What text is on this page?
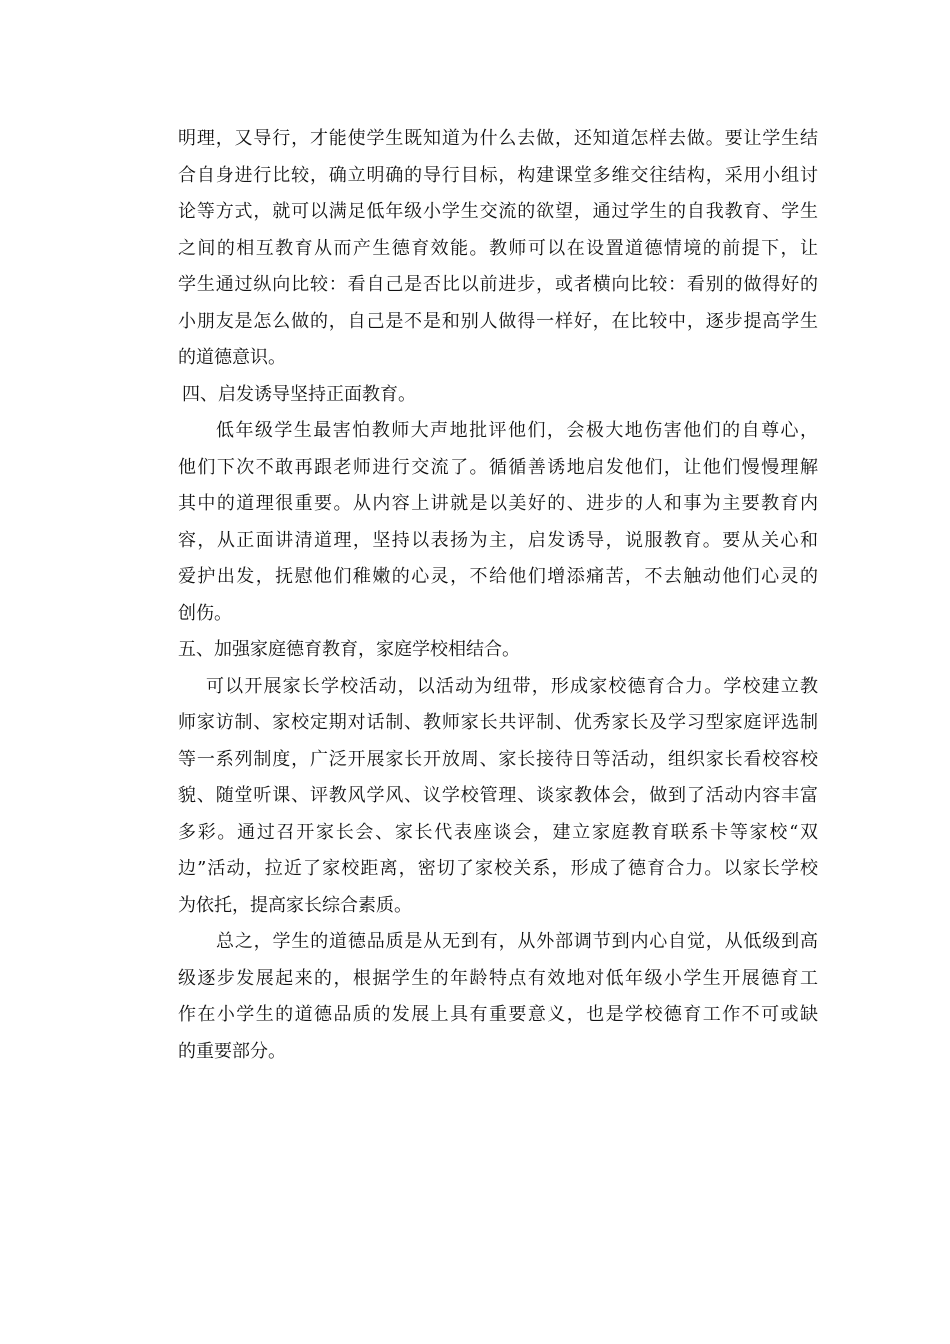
明理，又导行，才能使学生既知道为什么去做，还知道怎样去做。要让学生结
合自身进行比较，确立明确的导行目标，构建课堂多维交往结构，采用小组讨
论等方式，就可以满足低年级小学生交流的欲望，通过学生的自我教育、学生
之间的相互教育从而产生德育效能。教师可以在设置道德情境的前提下，让
学生通过纵向比较：看自己是否比以前进步，或者横向比较：看别的做得好的
小朋友是怎么做的，自己是不是和别人做得一样好，在比较中，逐步提高学生
的道德意识。
四、启发诱导坚持正面教育。
低年级学生最害怕教师大声地批评他们，会极大地伤害他们的自尊心，
他们下次不敢再跟老师进行交流了。循循善诱地启发他们，让他们慢慢理解
其中的道理很重要。从内容上讲就是以美好的、进步的人和事为主要教育内
容，从正面讲清道理，坚持以表扬为主，启发诱导，说服教育。要从关心和
爱护出发，抚慰他们稚嫩的心灵，不给他们增添痛苦，不去触动他们心灵的
创伤。
五、加强家庭德育教育，家庭学校相结合。
可以开展家长学校活动，以活动为纽带，形成家校德育合力。学校建立教
师家访制、家校定期对话制、教师家长共评制、优秀家长及学习型家庭评选制
等一系列制度，广泛开展家长开放周、家长接待日等活动，组织家长看校容校
貌、随堂听课、评教风学风、议学校管理、谈家教体会，做到了活动内容丰富
多彩。通过召开家长会、家长代表座谈会，建立家庭教育联系卡等家校“双
边”活动，拉近了家校距离，密切了家校关系，形成了德育合力。以家长学校
为依托，提高家长综合素质。
总之，学生的道德品质是从无到有，从外部调节到内心自觉，从低级到高
级逐步发展起来的，根据学生的年龄特点有效地对低年级小学生开展德育工
作在小学生的道德品质的发展上具有重要意义，也是学校德育工作不可或缺
的重要部分。
